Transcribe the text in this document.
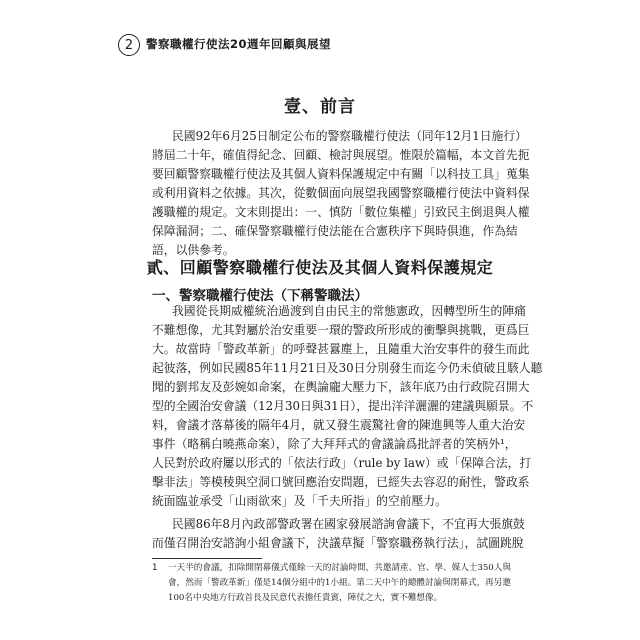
2	警察職權行使法20週年回顧與展望
壹、前言
民國92年6月25日制定公布的警察職權行使法（同年12月1日施行）
將屆二十年，確值得紀念、回顧、檢討與展望。惟限於篇幅，本文首先扼
要回顧警察職權行使法及其個人資料保護規定中有關「以科技工具」蒐集
或利用資料之依據。其次，從數個面向展望我國警察職權行使法中資料保
護職權的規定。文末則提出：一、慎防「數位集權」引致民主倒退與人權
保障漏洞；二、確保警察職權行使法能在合憲秩序下與時俱進，作為結
語，以供參考。
貳、回顧警察職權行使法及其個人資料保護規定
一、警察職權行使法（下稱警職法）
我國從長期威權統治過渡到自由民主的常態憲政，因轉型所生的陣痛
不難想像，尤其對屬於治安重要一環的警政所形成的衝擊與挑戰，更爲巨
大。故當時「警政革新」的呼聲甚囂塵上，且隨重大治安事件的發生而此
起彼落，例如民國85年11月21日及30日分別發生而迄今仍未偵破且駭人聽
聞的劉邦友及彭婉如命案，在輿論龐大壓力下，該年底乃由行政院召開大
型的全國治安會議（12月30日與31日），提出洋洋灑灑的建議與願景。不
料，會議才落幕後的隔年4月，就又發生震驚社會的陳進興等人重大治安
事件（略稱白曉燕命案），除了大拜拜式的會議論爲批評者的笑柄外¹，
人民對於政府屢以形式的「依法行政」（rule by law）或「保障合法，打
擊非法」等模稜與空洞口號回應治安問題，已經失去容忍的耐性，警政系
統面臨並承受「山雨欲來」及「千夫所指」的空前壓力。
民國86年8月內政部警政署在國家發展諮詢會議下，不宜再大張旗鼓
而僅召開治安諮詢小組會議下，決議草擬「警察職務執行法」，試圖跳脫
1 一天半的會議，扣除開閉幕儀式僅餘一天的討論時間，共邀請產、官、學、媒人士350人與
會，然而「警政革新」僅是14個分組中的1小組。第二天中午的總體討論與閉幕式，再另邀
100名中央地方行政首長及民意代表擔任貴賓，陣仗之大，實不難想像。
